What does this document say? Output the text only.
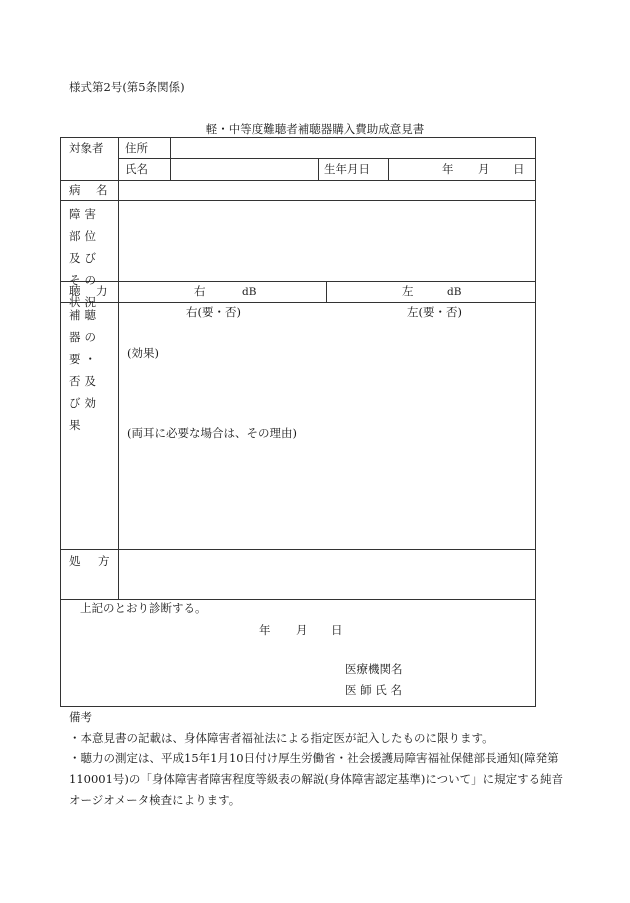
様式第2号(第5条関係)
軽・中等度難聴者補聴器購入費助成意見書
対象者 住所
氏名	生年月日	年 月 日
病　名
障害部位及びその状況
聴　力	右	dB	左	dB
補聴器の要・否及び効果
右(要・否)	左(要・否)
(効果)
(両耳に必要な場合は、その理由)
処　方
上記のとおり診断する。
年 月 日
医療機関名
医 師 氏 名
備考
・本意見書の記載は、身体障害者福祉法による指定医が記入したものに限ります。
・聴力の測定は、平成15年1月10日付け厚生労働省・社会援護局障害福祉保健部長通知(障発第
110001号)の「身体障害者障害程度等級表の解説(身体障害認定基準)について」に規定する純音
オージオメータ検査によります。
